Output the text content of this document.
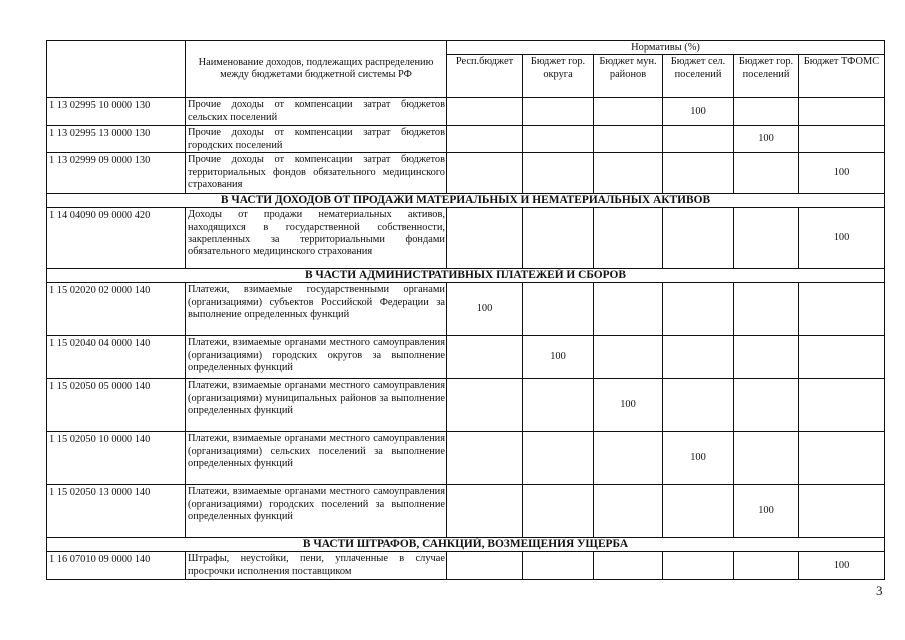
	Наименование доходов, подлежащих распределению между бюджетами бюджетной системы РФ	Нормативы (%)					
		Респ.бюджет	Бюджет гор. округа	Бюджет мун. районов	Бюджет сел. поселений	Бюджет гор. поселений	Бюджет ТФОМС
1 13 02995 10 0000 130	Прочие доходы от компенсации затрат бюджетов сельских поселений				100		
1 13 02995 13 0000 130	Прочие доходы от компенсации затрат бюджетов городских поселений					100	
1 13 02999 09 0000 130	Прочие доходы от компенсации затрат бюджетов территориальных фондов обязательного медицинского страхования						100
В ЧАСТИ ДОХОДОВ ОТ ПРОДАЖИ МАТЕРИАЛЬНЫХ И НЕМАТЕРИАЛЬНЫХ АКТИВОВ							
1 14 04090 09 0000 420	Доходы от продажи нематериальных активов, находящихся в государственной собственности, закрепленных за территориальными фондами обязательного медицинского страхования						100
В ЧАСТИ АДМИНИСТРАТИВНЫХ ПЛАТЕЖЕЙ И СБОРОВ							
1 15 02020 02 0000 140	Платежи, взимаемые государственными органами (организациями) субъектов Российской Федерации за выполнение определенных функций	100					
1 15 02040 04 0000 140	Платежи, взимаемые органами местного самоуправления (организациями) городских округов за выполнение определенных функций		100				
1 15 02050 05 0000 140	Платежи, взимаемые органами местного самоуправления (организациями) муниципальных районов за выполнение определенных функций			100			
1 15 02050 10 0000 140	Платежи, взимаемые органами местного самоуправления (организациями) сельских поселений за выполнение определенных функций				100		
1 15 02050 13 0000 140	Платежи, взимаемые органами местного самоуправления (организациями) городских поселений за выполнение определенных функций					100	
В ЧАСТИ ШТРАФОВ, САНКЦИЙ, ВОЗМЕЩЕНИЯ УЩЕРБА							
1 16 07010 09 0000 140	Штрафы, неустойки, пени, уплаченные в случае просрочки исполнения поставщиком						100
3
